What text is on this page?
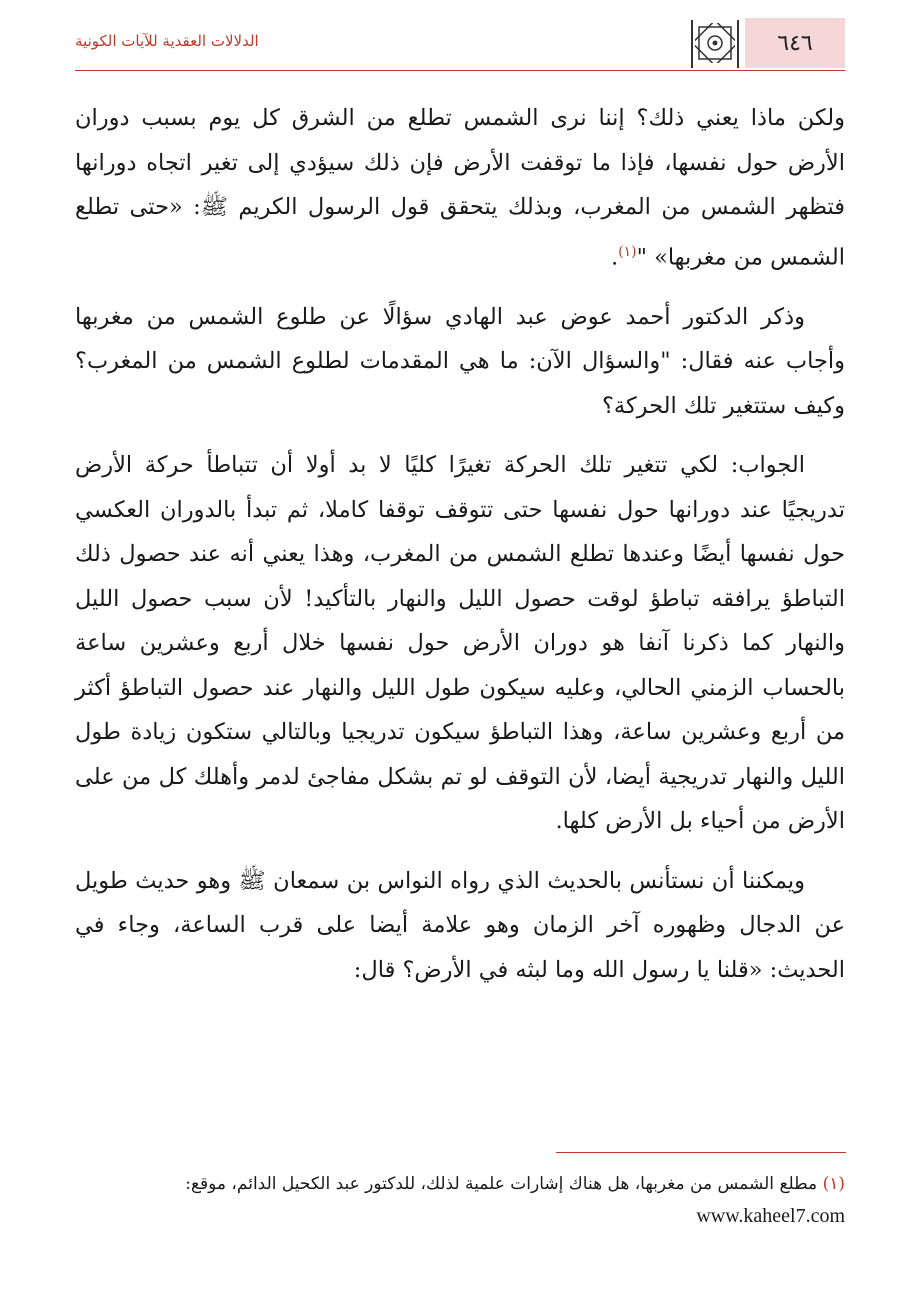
٦٤٦
الدلالات العقدية للآيات الكونية

ولكن ماذا يعني ذلك؟ إننا نرى الشمس تطلع من الشرق كل يوم بسبب دوران الأرض حول نفسها، فإذا ما توقفت الأرض فإن ذلك سيؤدي إلى تغير اتجاه دورانها فتظهر الشمس من المغرب، وبذلك يتحقق قول الرسول الكريم ﷺ: «حتى تطلع الشمس من مغربها» "$^{(١)}$.

وذكر الدكتور أحمد عوض عبد الهادي سؤالًا عن طلوع الشمس من مغربها وأجاب عنه فقال: "والسؤال الآن: ما هي المقدمات لطلوع الشمس من المغرب؟ وكيف ستتغير تلك الحركة؟

الجواب: لكي تتغير تلك الحركة تغيرًا كليًا لا بد أولا أن تتباطأ حركة الأرض تدريجيًا عند دورانها حول نفسها حتى تتوقف توقفا كاملا، ثم تبدأ بالدوران العكسي حول نفسها أيضًا وعندها تطلع الشمس من المغرب، وهذا يعني أنه عند حصول ذلك التباطؤ يرافقه تباطؤ لوقت حصول الليل والنهار بالتأكيد! لأن سبب حصول الليل والنهار كما ذكرنا آنفا هو دوران الأرض حول نفسها خلال أربع وعشرين ساعة بالحساب الزمني الحالي، وعليه سيكون طول الليل والنهار عند حصول التباطؤ أكثر من أربع وعشرين ساعة، وهذا التباطؤ سيكون تدريجيا وبالتالي ستكون زيادة طول الليل والنهار تدريجية أيضا، لأن التوقف لو تم بشكل مفاجئ لدمر وأهلك كل من على الأرض من أحياء بل الأرض كلها.

ويمكننا أن نستأنس بالحديث الذي رواه النواس بن سمعان ﷺ وهو حديث طويل عن الدجال وظهوره آخر الزمان وهو علامة أيضا على قرب الساعة، وجاء في الحديث: «قلنا يا رسول الله وما لبثه في الأرض؟ قال:

(١) مطلع الشمس من مغربها، هل هناك إشارات علمية لذلك، للدكتور عبد الكحيل الدائم، موقع: www.kaheel7.com
